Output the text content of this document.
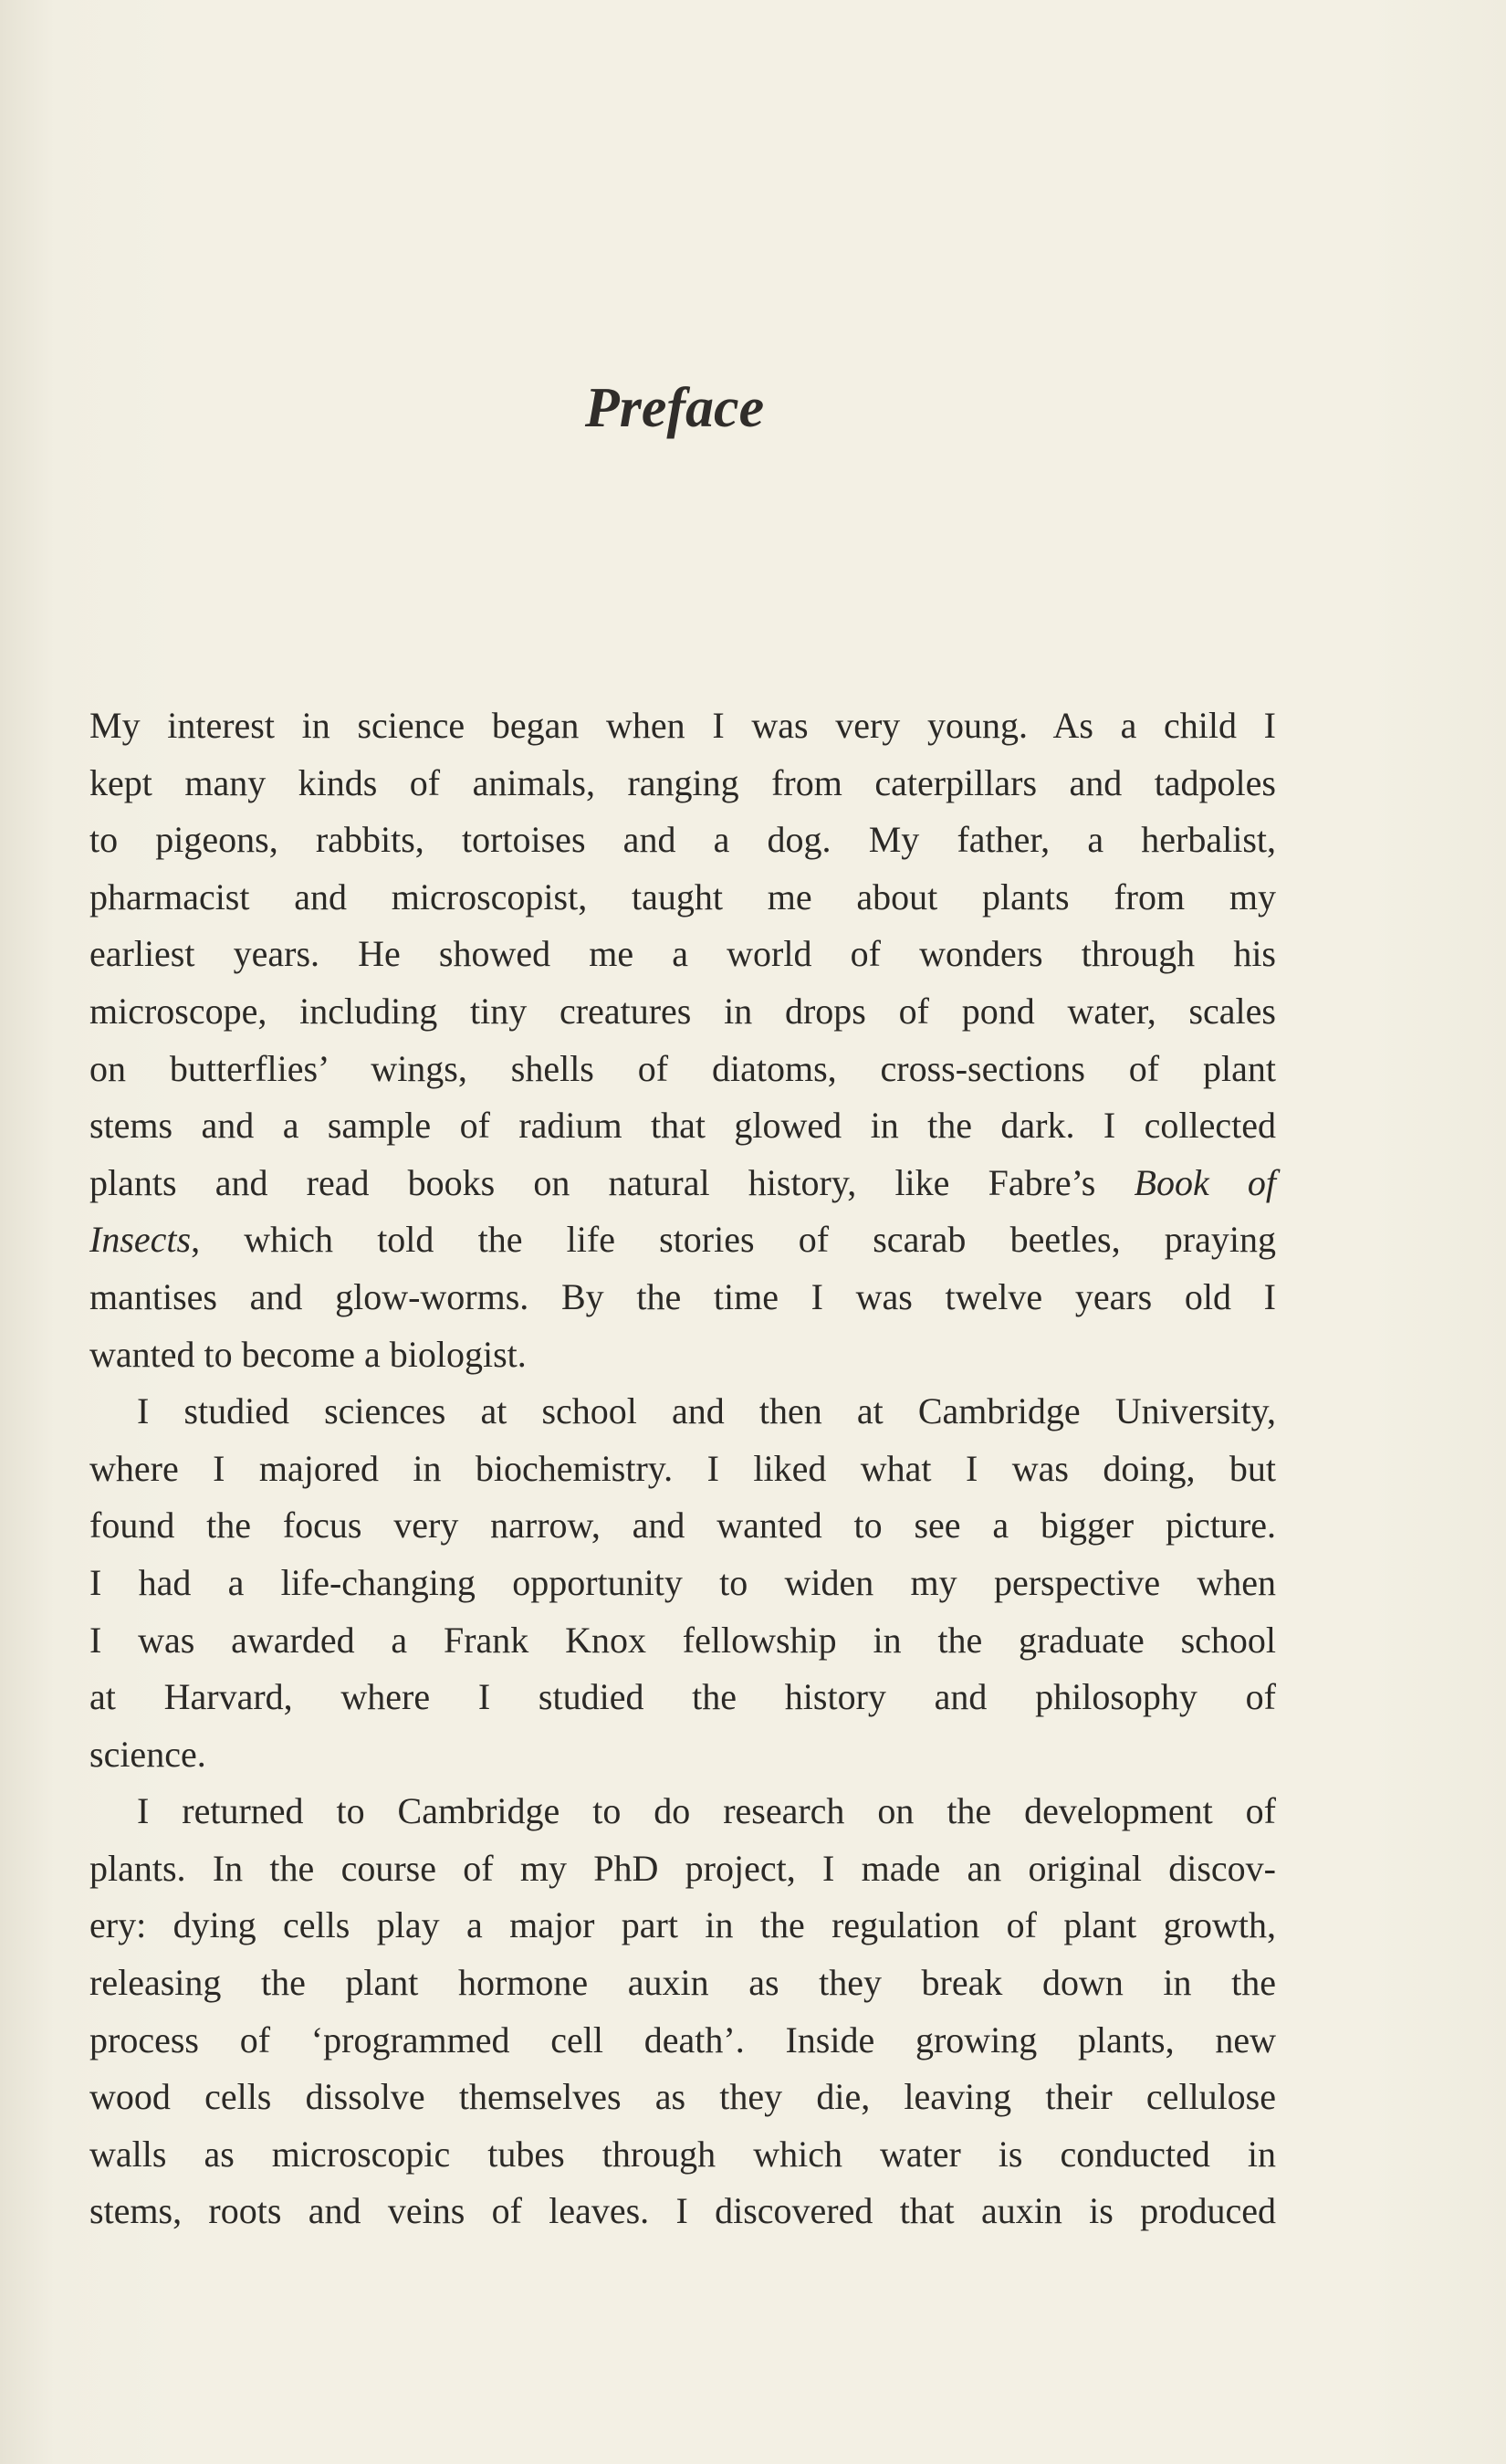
Preface
My interest in science began when I was very young. As a child I
kept many kinds of animals, ranging from caterpillars and tadpoles
to pigeons, rabbits, tortoises and a dog. My father, a herbalist,
pharmacist and microscopist, taught me about plants from my
earliest years. He showed me a world of wonders through his
microscope, including tiny creatures in drops of pond water, scales
on butterflies’ wings, shells of diatoms, cross-sections of plant
stems and a sample of radium that glowed in the dark. I collected
plants and read books on natural history, like Fabre’s Book of
Insects, which told the life stories of scarab beetles, praying
mantises and glow-worms. By the time I was twelve years old I
wanted to become a biologist.
I studied sciences at school and then at Cambridge University,
where I majored in biochemistry. I liked what I was doing, but
found the focus very narrow, and wanted to see a bigger picture.
I had a life-changing opportunity to widen my perspective when
I was awarded a Frank Knox fellowship in the graduate school
at Harvard, where I studied the history and philosophy of
science.
I returned to Cambridge to do research on the development of
plants. In the course of my PhD project, I made an original discov-
ery: dying cells play a major part in the regulation of plant growth,
releasing the plant hormone auxin as they break down in the
process of ‘programmed cell death’. Inside growing plants, new
wood cells dissolve themselves as they die, leaving their cellulose
walls as microscopic tubes through which water is conducted in
stems, roots and veins of leaves. I discovered that auxin is produced
